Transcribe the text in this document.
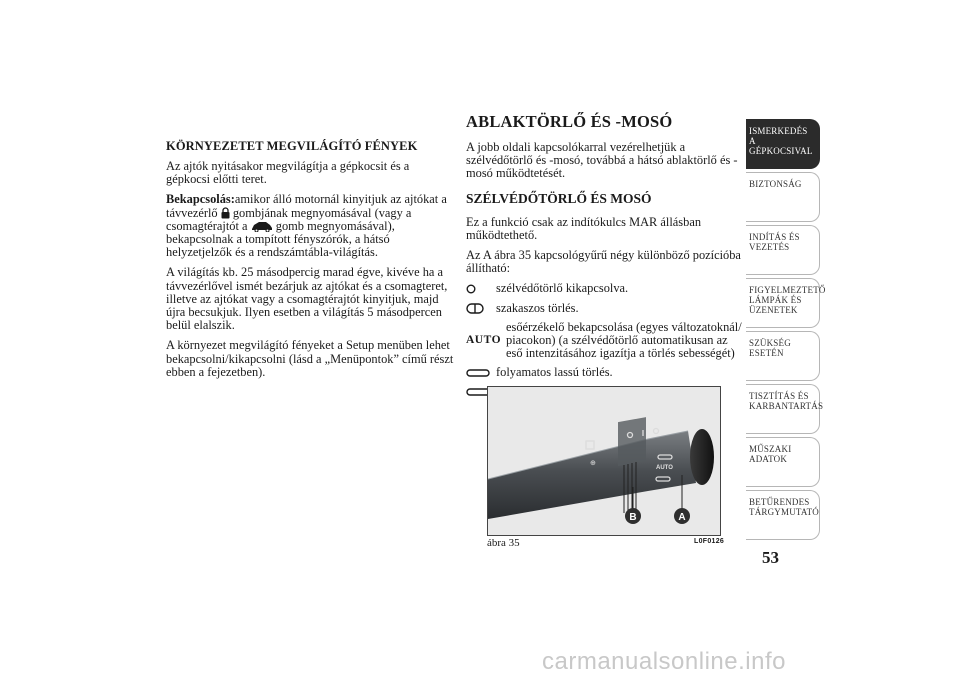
KÖRNYEZETET MEGVILÁGÍTÓ FÉNYEK

Az ajtók nyitásakor megvilágítja a gépkocsit és a gépkocsi előtti teret.

Bekapcsolás:amikor álló motornál kinyitjuk az ajtókat a távvezérlő gombjának megnyomásával (vagy a csomagtérajtót a gomb megnyomásával), bekapcsolnak a tompított fényszórók, a hátsó helyzetjelzők és a rendszámtábla-világítás.

A világítás kb. 25 másodpercig marad égve, kivéve ha a távvezérlővel ismét bezárjuk az ajtókat és a csomagteret, illetve az ajtókat vagy a csomagtérajtót kinyitjuk, majd újra becsukjuk. Ilyen esetben a világítás 5 másodpercen belül elalszik.

A környezet megvilágító fényeket a Setup menüben lehet bekapcsolni/kikapcsolni (lásd a „Menüpontok” című részt ebben a fejezetben).

ABLAKTÖRLŐ ÉS -MOSÓ

A jobb oldali kapcsolókarral vezérelhetjük a szélvédőtörlő és -mosó, továbbá a hátsó ablaktörlő és -mosó működtetését.

SZÉLVÉDŐTÖRLŐ ÉS MOSÓ

Ez a funkció csak az indítókulcs MAR állásban működtethető.

Az A ábra 35 kapcsológyűrű négy különböző pozícióba állítható:

szélvédőtörlő kikapcsolva.
szakaszos törlés.
AUTO
esőérzékelő bekapcsolása (egyes változatoknál/ piacokon) (a szélvédőtörlő automatikusan az eső intenzitásához igazítja a törlés sebességét)
folyamatos lassú törlés.
AUTO
⊕
B	A
ábra 35	L0F0126
ISMERKEDÉS A GÉPKOCSIVAL
BIZTONSÁG
INDÍTÁS ÉS VEZETÉS
FIGYELMEZTETŐ LÁMPÁK ÉS ÜZENETEK
SZÜKSÉG ESETÉN
TISZTÍTÁS ÉS KARBANTARTÁS
MŰSZAKI ADATOK
BETŰRENDES TÁRGYMUTATÓ
53
carmanualsonline.info
